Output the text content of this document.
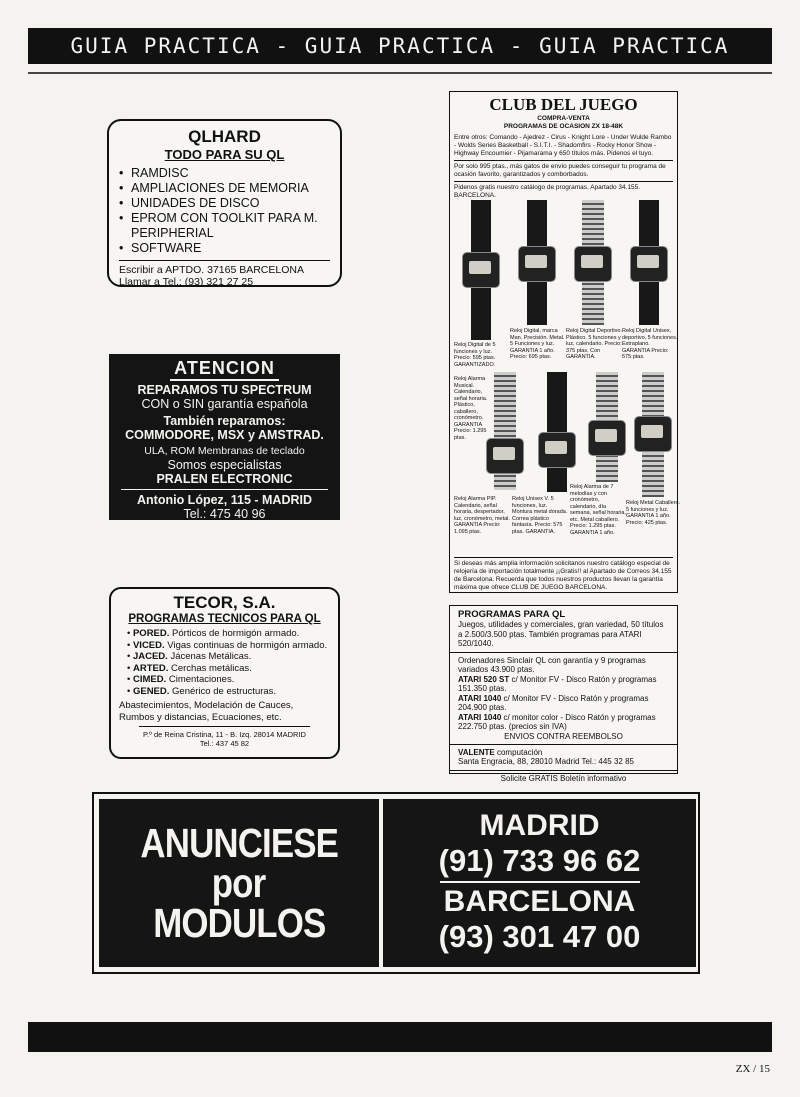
GUIA PRACTICA - GUIA PRACTICA - GUIA PRACTICA
QLHARD
TODO PARA SU QL
• RAMDISC
• AMPLIACIONES DE MEMORIA
• UNIDADES DE DISCO
• EPROM CON TOOLKIT PARA M. PERIPHERIAL
• SOFTWARE
Escribir a APTDO. 37165 BARCELONA
Llamar a Tel.: (93) 321 27 25
ATENCION
REPARAMOS TU SPECTRUM
CON o SIN garantía española
También reparamos:
COMMODORE, MSX y AMSTRAD.
ULA, ROM Membranas de teclado
Somos especialistas
PRALEN ELECTRONIC
Antonio López, 115 - MADRID
Tel.: 475 40 96
TECOR, S.A.
PROGRAMAS TECNICOS PARA QL
• PORED. Pórticos de hormigón armado.
• VICED. Vigas continuas de hormigón armado.
• JACED. Jácenas Metálicas.
• ARTED. Cerchas metálicas.
• CIMED. Cimentaciones.
• GENED. Genérico de estructuras.
Abastecimientos, Modelación de Cauces, Rumbos y distancias, Ecuaciones, etc.
P.º de Reina Cristina, 11 - B. Izq. 28014 MADRID
Tel.: 437 45 82
CLUB DEL JUEGO
COMPRA-VENTA
PROGRAMAS DE OCASION ZX 18-48K
Entre otros: Comando - Ajedrez - Cirus - Knight Lore - Under Wulde Rambo - Wolds Series Basketball - S.I.T.I. - Shadomfirs - Rocky Honor Show - Highway Encoumier - Pijamarama y 650 títulos más. Pidenos el tuyo.
Por solo 995 ptas., más gatos de envío puedes conseguir tu programa de ocasión favorito, garantizados y comborbados.
Pidenos gratis nuestro catálogo de programas. Apartado 34.155. BARCELONA.
Reloj Digital de 5 funciones y luz. Precio: 595 ptas. GARANTIZADO.
Reloj Digital, marca Man. Precisión. Metal. 5 Funciones y luz. GARANTIA 1 año. Precio: 695 ptas.
Reloj Digital Deportivo. Plástico. 5 funciones y luz, calendario. Precio: 375 ptas. Con GARANTIA.
Reloj Digital Unisex, deportivo, 5 funciones. Extraplano. GARANTIA Precio: 575 ptas.
Reloj Alarma Musical. Calendario, señal horaria. Plástico, caballero, cronómetro. GARANTIA Precio: 1.295 ptas.
Reloj Alarma PIP. Calendario, señal horaria, despertador, luz, cronómetro, metal. GARANTIA Precio: 1.095 ptas.
Reloj Unisex V. 5 funciones, luz. Montura metal dorada. Correa plástico fantasía. Precio: 575 ptas. GARANTIA.
Reloj Alarma de 7 melodías y con cronómetro, calendario, día semana, señal horaria, etc. Metal caballero. Precio: 1.295 ptas. GARANTIA 1 año.
Reloj Metal Caballero. 5 funciones y luz. GARANTIA 1 año. Precio: 425 ptas.
Si deseas más amplia información solicitanos nuestro catálogo especial de relojería de importación totalmente ¡¡Gratis!! al Apartado de Correos 34.155 de Barcelona. Recuerda que todos nuestros productos llevan la garantía máxima que ofrece CLUB DE JUEGO BARCELONA.
PROGRAMAS PARA QL
Juegos, utilidades y comerciales, gran variedad, 50 títulos a 2.500/3.500 ptas. También programas para ATARI 520/1040.
Ordenadores Sinclair QL con garantía y 9 programas variados 43.900 ptas.
ATARI 520 ST c/ Monitor FV - Disco Ratón y programas 151.350 ptas.
ATARI 1040 c/ Monitor FV - Disco Ratón y programas 204.900 ptas.
ATARI 1040 c/ monitor color - Disco Ratón y programas 222.750 ptas. (precios sin IVA)
ENVIOS CONTRA REEMBOLSO
VALENTE computación
Santa Engracia, 88, 28010 Madrid Tel.: 445 32 85
Solicite GRATIS Boletín informativo
ANUNCIESE
por
MODULOS
MADRID
(91) 733 96 62
BARCELONA
(93) 301 47 00
ZX / 15
